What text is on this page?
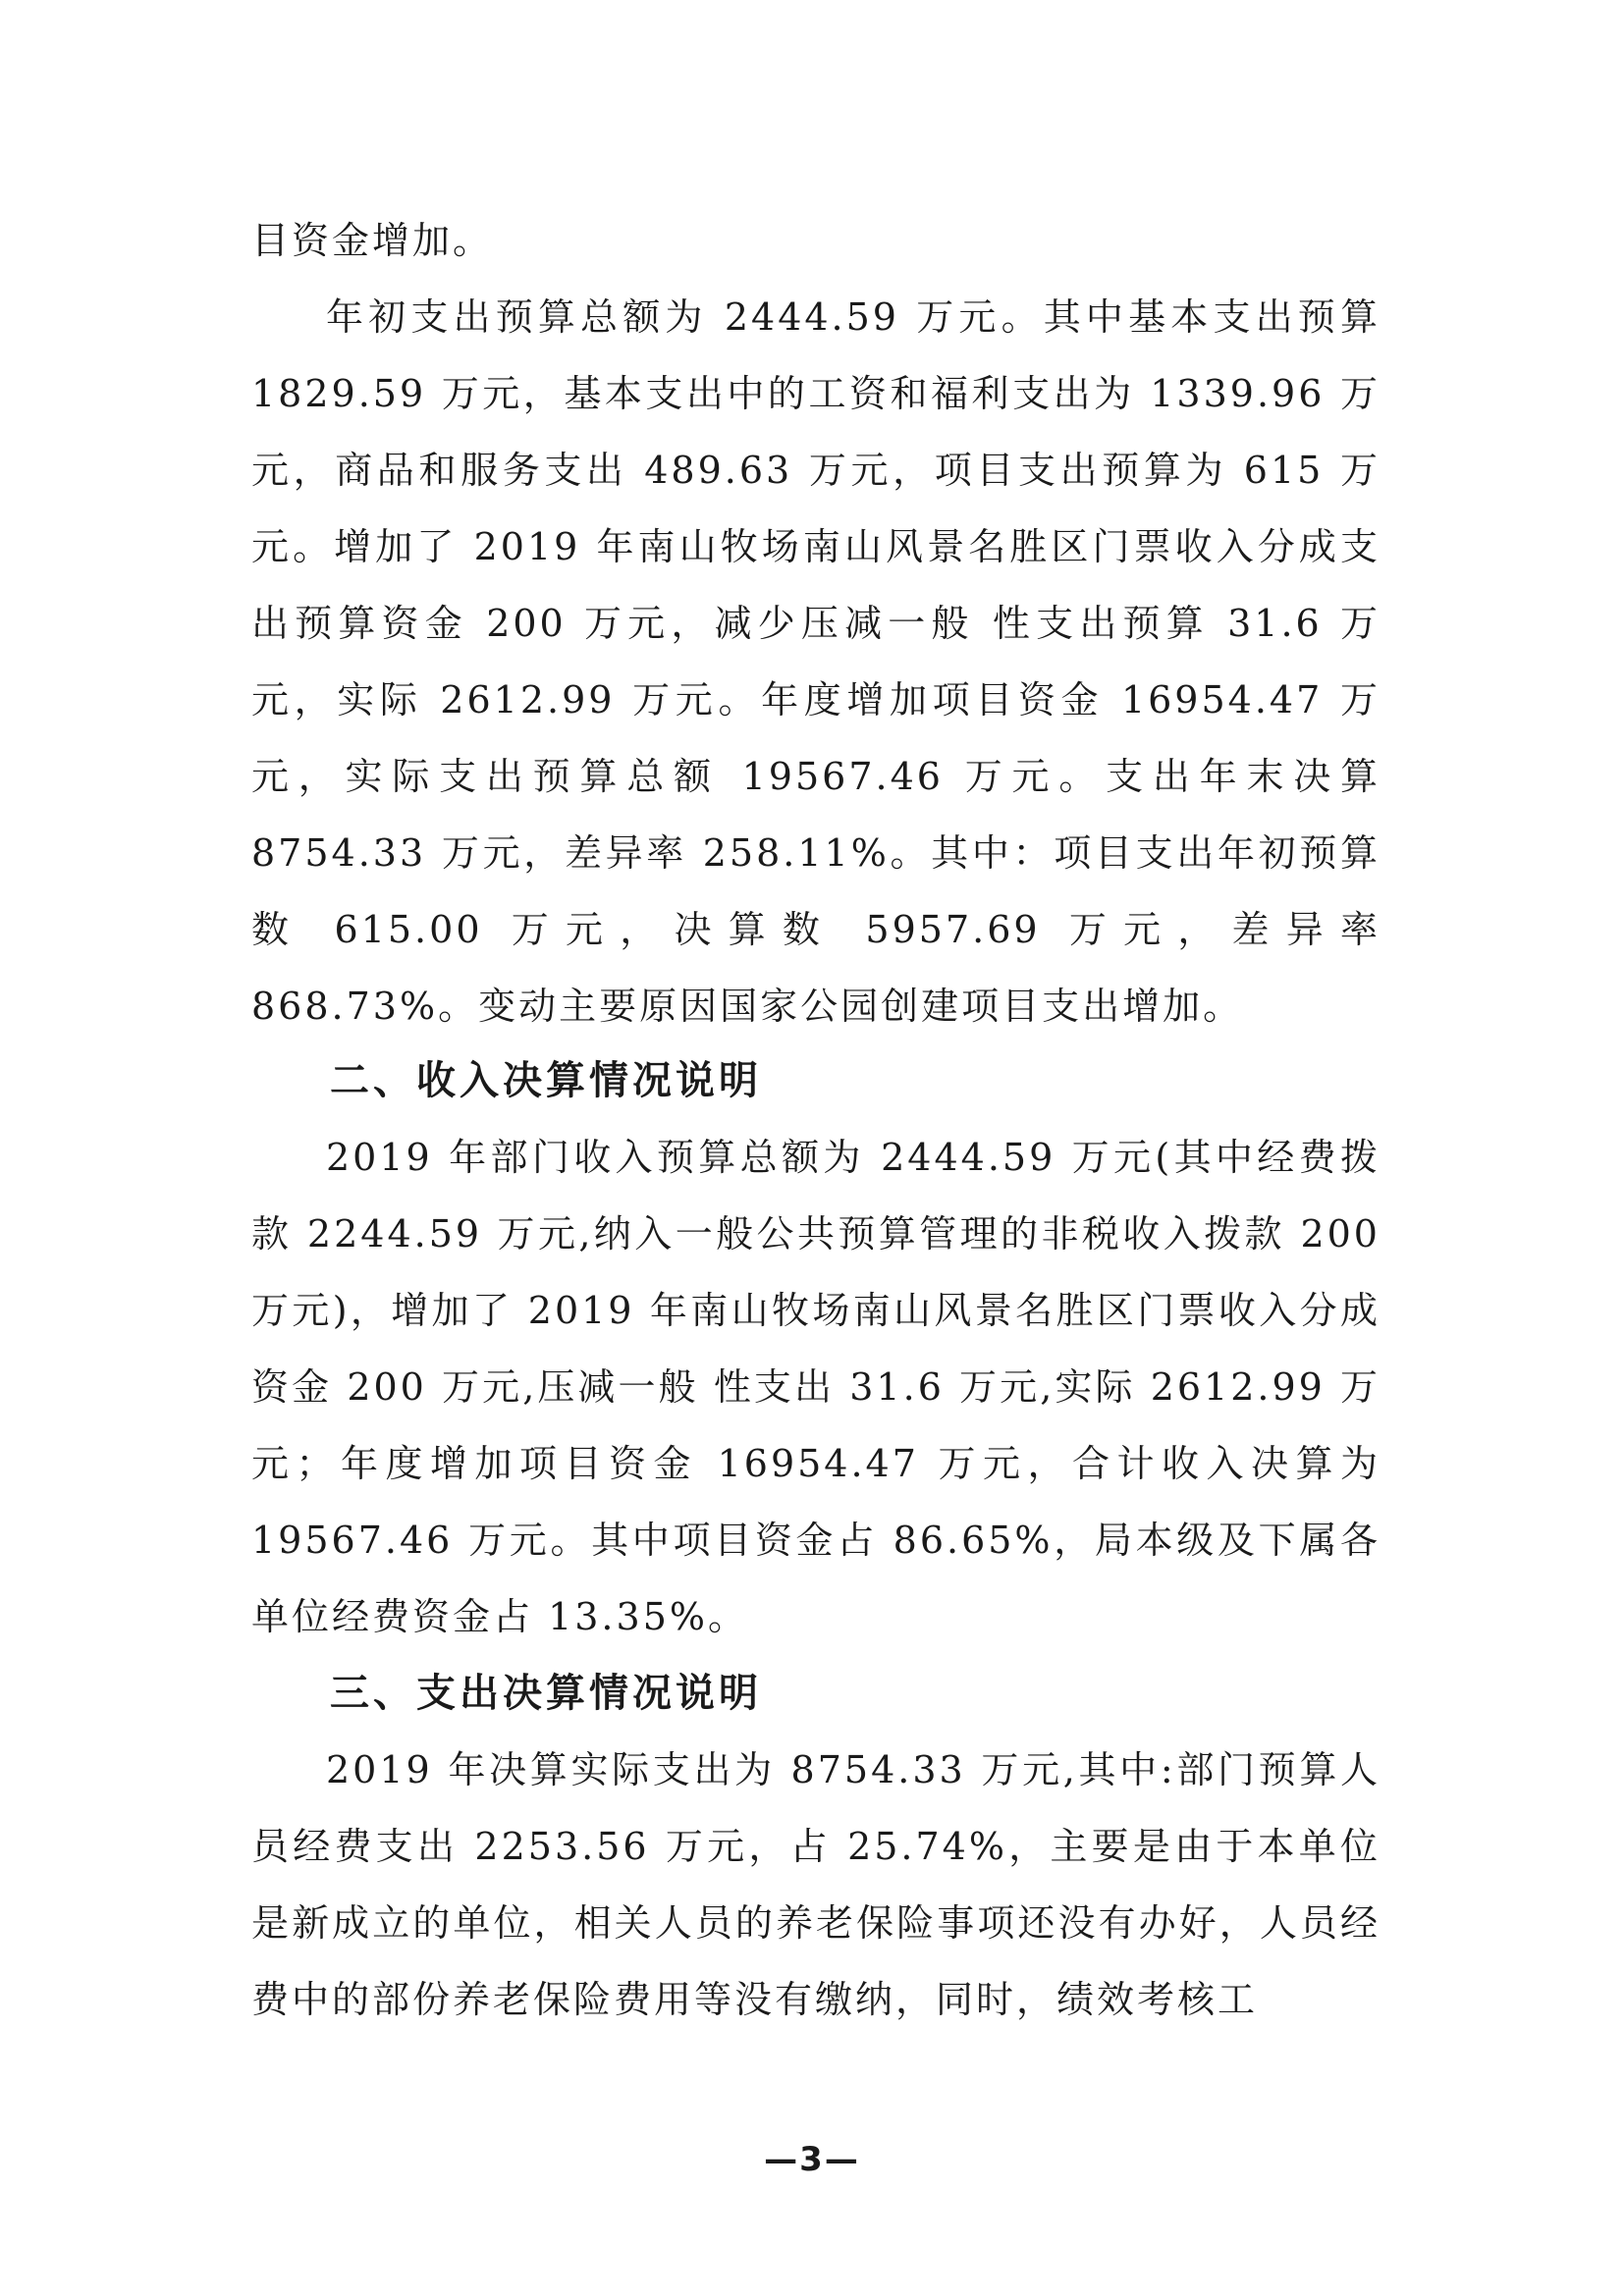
目资金增加。

年初支出预算总额为 2444.59 万元。其中基本支出预算 1829.59 万元，基本支出中的工资和福利支出为 1339.96 万元，商品和服务支出 489.63 万元，项目支出预算为 615 万元。增加了 2019 年南山牧场南山风景名胜区门票收入分成支出预算资金 200 万元，减少压减一般 性支出预算 31.6 万元，实际 2612.99 万元。年度增加项目资金 16954.47 万元，实际支出预算总额 19567.46 万元。支出年末决算 8754.33 万元，差异率 258.11%。其中：项目支出年初预算数 615.00 万元，决算数 5957.69 万元，差异率 868.73%。变动主要原因国家公园创建项目支出增加。

二、收入决算情况说明

2019 年部门收入预算总额为 2444.59 万元(其中经费拨款 2244.59 万元,纳入一般公共预算管理的非税收入拨款 200 万元)，增加了 2019 年南山牧场南山风景名胜区门票收入分成资金 200 万元,压减一般 性支出 31.6 万元,实际 2612.99 万元；年度增加项目资金 16954.47 万元，合计收入决算为 19567.46 万元。其中项目资金占 86.65%，局本级及下属各单位经费资金占 13.35%。

三、支出决算情况说明

2019 年决算实际支出为 8754.33 万元,其中:部门预算人员经费支出 2253.56 万元，占 25.74%，主要是由于本单位是新成立的单位，相关人员的养老保险事项还没有办好，人员经费中的部份养老保险费用等没有缴纳，同时，绩效考核工

—3—
